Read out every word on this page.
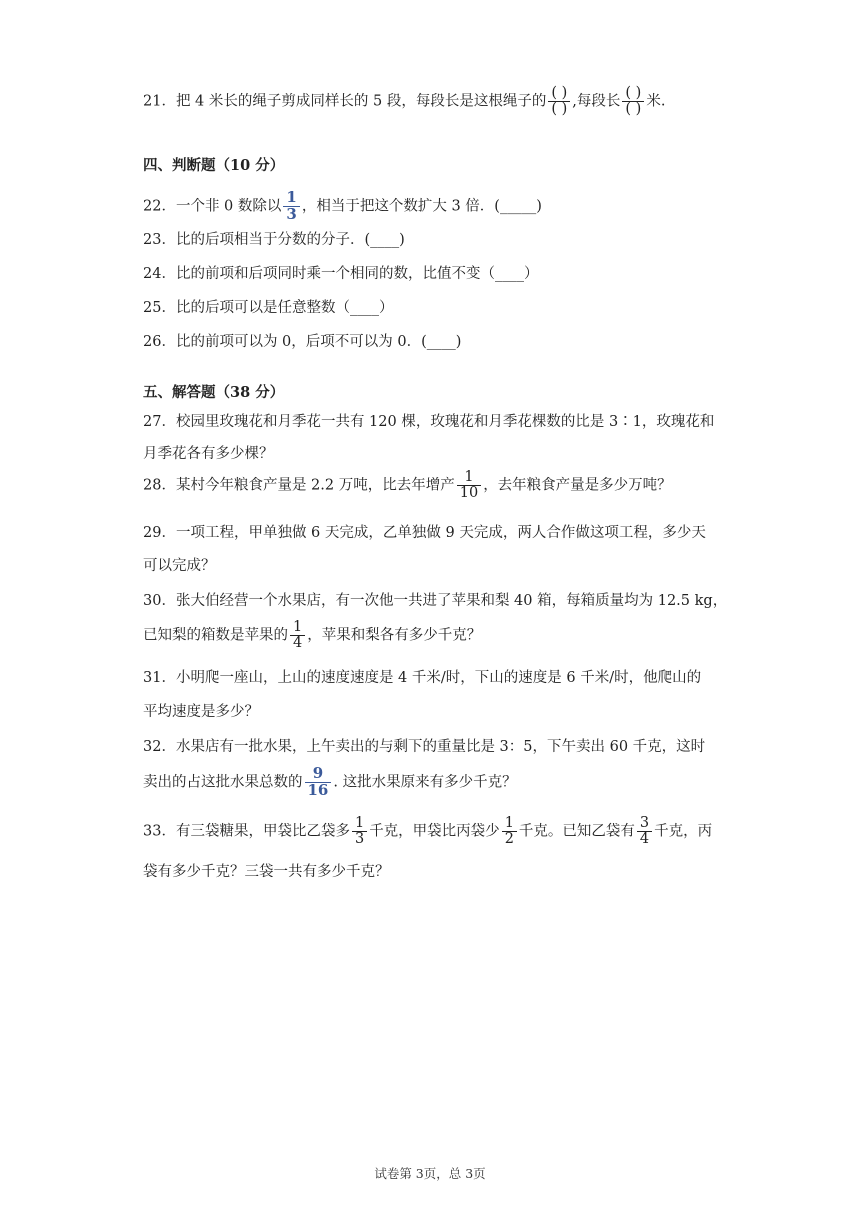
21．把 4 米长的绳子剪成同样长的 5 段，每段长是这根绳子的 $\frac{( )}{( )}$ ,每段长 $\frac{( )}{( )}$ 米.
四、判断题（10 分）
22．一个非 0 数除以 $\frac{1}{3}$ ，相当于把这个数扩大 3 倍．(_____)
23．比的后项相当于分数的分子．(____)
24．比的前项和后项同时乘一个相同的数，比值不变（____）
25．比的后项可以是任意整数（____）
26．比的前项可以为 0，后项不可以为 0．(____)
五、解答题（38 分）
27．校园里玫瑰花和月季花一共有 120 棵，玫瑰花和月季花棵数的比是 3∶1，玫瑰花和
月季花各有多少棵？
28．某村今年粮食产量是 2.2 万吨，比去年增产 $\frac{1}{10}$ ，去年粮食产量是多少万吨？
29．一项工程，甲单独做 6 天完成，乙单独做 9 天完成，两人合作做这项工程，多少天
可以完成？
30．张大伯经营一个水果店，有一次他一共进了苹果和梨 40 箱，每箱质量均为 12.5 kg，
已知梨的箱数是苹果的 $\frac{1}{4}$ ，苹果和梨各有多少千克？
31．小明爬一座山，上山的速度速度是 4 千米/时，下山的速度是 6 千米/时，他爬山的
平均速度是多少？
32．水果店有一批水果，上午卖出的与剩下的重量比是 3：5，下午卖出 60 千克，这时
卖出的占这批水果总数的 $\frac{9}{16}$ . 这批水果原来有多少千克？
33．有三袋糖果，甲袋比乙袋多 $\frac{1}{3}$ 千克，甲袋比丙袋少 $\frac{1}{2}$ 千克。已知乙袋有 $\frac{3}{4}$ 千克，丙
袋有多少千克？三袋一共有多少千克？
试卷第 3页，总 3页
